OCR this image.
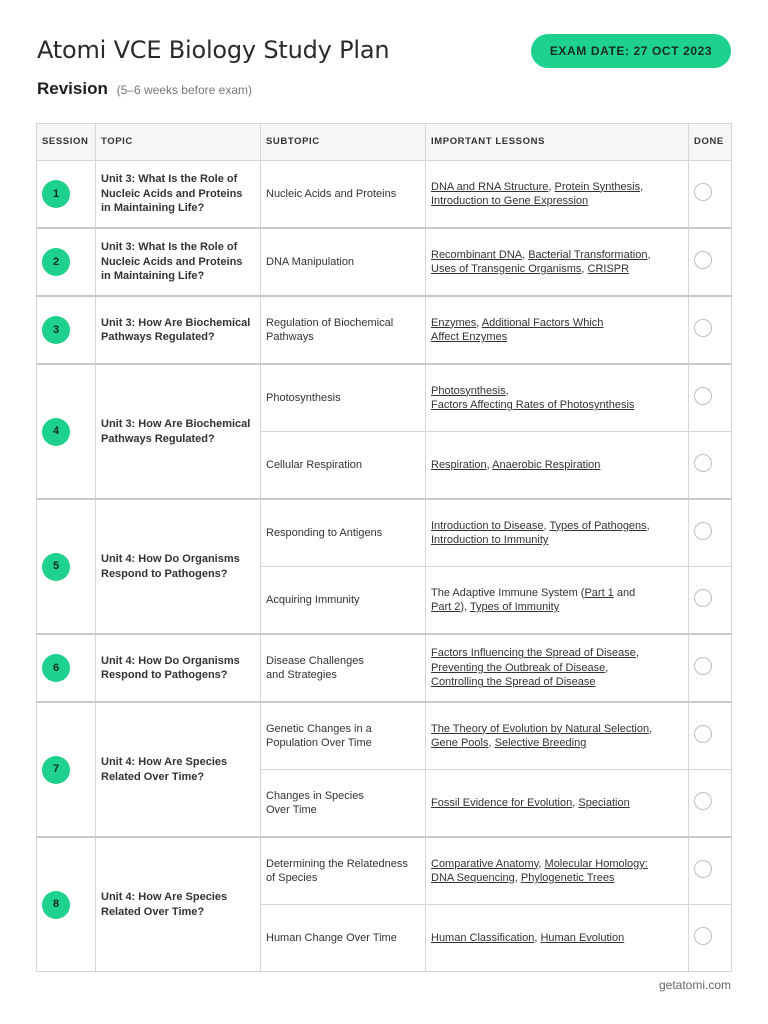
Atomi VCE Biology Study Plan	EXAM DATE: 27 OCT 2023
Revision (5–6 weeks before exam)
SESSION	TOPIC	SUBTOPIC	IMPORTANT LESSONS	DONE
1	Unit 3: What Is the Role of Nucleic Acids and Proteins in Maintaining Life?	Nucleic Acids and Proteins	DNA and RNA Structure, Protein Synthesis,
Introduction to Gene Expression	
2	Unit 3: What Is the Role of Nucleic Acids and Proteins in Maintaining Life?	DNA Manipulation	Recombinant DNA, Bacterial Transformation,
Uses of Transgenic Organisms, CRISPR	
3	Unit 3: How Are Biochemical Pathways Regulated?	Regulation of Biochemical Pathways	Enzymes, Additional Factors Which
Affect Enzymes	
4	Unit 3: How Are Biochemical Pathways Regulated?	Photosynthesis	Photosynthesis,
Factors Affecting Rates of Photosynthesis	
		Cellular Respiration	Respiration, Anaerobic Respiration	
5	Unit 4: How Do Organisms Respond to Pathogens?	Responding to Antigens	Introduction to Disease, Types of Pathogens,
Introduction to Immunity	
		Acquiring Immunity	The Adaptive Immune System (Part 1 and
Part 2), Types of Immunity	
6	Unit 4: How Do Organisms Respond to Pathogens?	Disease Challenges
and Strategies	Factors Influencing the Spread of Disease,
Preventing the Outbreak of Disease,
Controlling the Spread of Disease	
7	Unit 4: How Are Species Related Over Time?	Genetic Changes in a Population Over Time	The Theory of Evolution by Natural Selection,
Gene Pools, Selective Breeding	
		Changes in Species
Over Time	Fossil Evidence for Evolution, Speciation	
8	Unit 4: How Are Species Related Over Time?	Determining the Relatedness of Species	Comparative Anatomy, Molecular Homology:
DNA Sequencing, Phylogenetic Trees	
		Human Change Over Time	Human Classification, Human Evolution	
getatomi.com
